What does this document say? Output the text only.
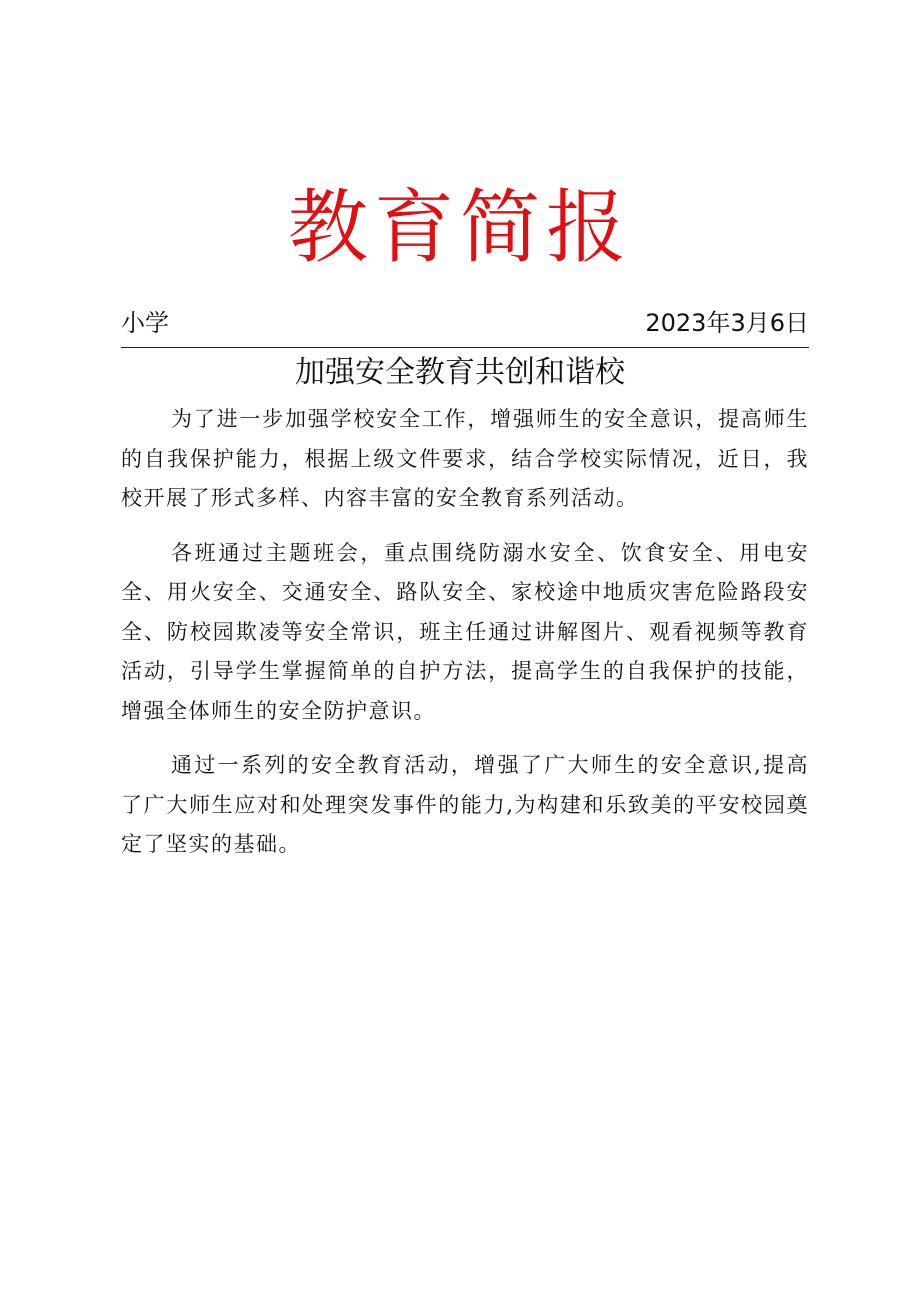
教育简报
小学	2023年3月6日
加强安全教育共创和谐校

为了进一步加强学校安全工作，增强师生的安全意识，提高师生的自我保护能力，根据上级文件要求，结合学校实际情况，近日，我校开展了形式多样、内容丰富的安全教育系列活动。

各班通过主题班会，重点围绕防溺水安全、饮食安全、用电安全、用火安全、交通安全、路队安全、家校途中地质灾害危险路段安全、防校园欺凌等安全常识，班主任通过讲解图片、观看视频等教育活动，引导学生掌握简单的自护方法，提高学生的自我保护的技能，增强全体师生的安全防护意识。

通过一系列的安全教育活动，增强了广大师生的安全意识,提高了广大师生应对和处理突发事件的能力,为构建和乐致美的平安校园奠定了坚实的基础。
